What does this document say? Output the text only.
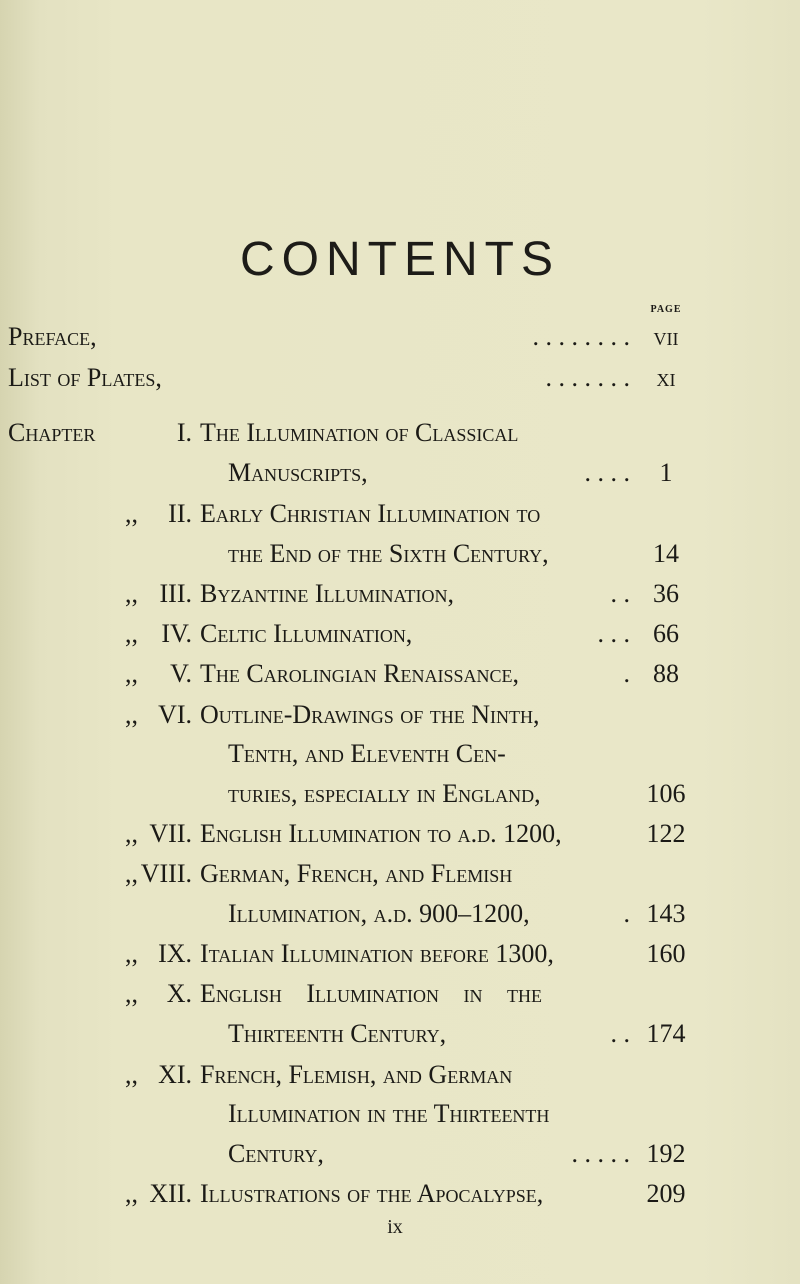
CONTENTS
PAGE
Preface,	. . . . . . . . vii
List of Plates,	. . . . . . .	xi
Chapter	I. The Illumination of Classical
Manuscripts,	. . . .	1
,,	II. Early Christian Illumination to
the End of the Sixth Century,	14
,, III. Byzantine Illumination,	. . 36
,, IV. Celtic Illumination,	. . . 66
,,	V. The Carolingian Renaissance,	. 88
,, VI. Outline-Drawings of the Ninth,
Tenth, and Eleventh Cen-
turies, especially in England,	106
,, VII. English Illumination to a.d. 1200,	122
,, VIII. German, French, and Flemish
Illumination, a.d. 900–1200,	. 143
,, IX. Italian Illumination before 1300,	160
,,	X. English Illumination in the
Thirteenth Century,	. . 174
,, XI. French, Flemish, and German
Illumination in the Thirteenth
Century,	. . . . . 192
,, XII. Illustrations of the Apocalypse,	209
ix
